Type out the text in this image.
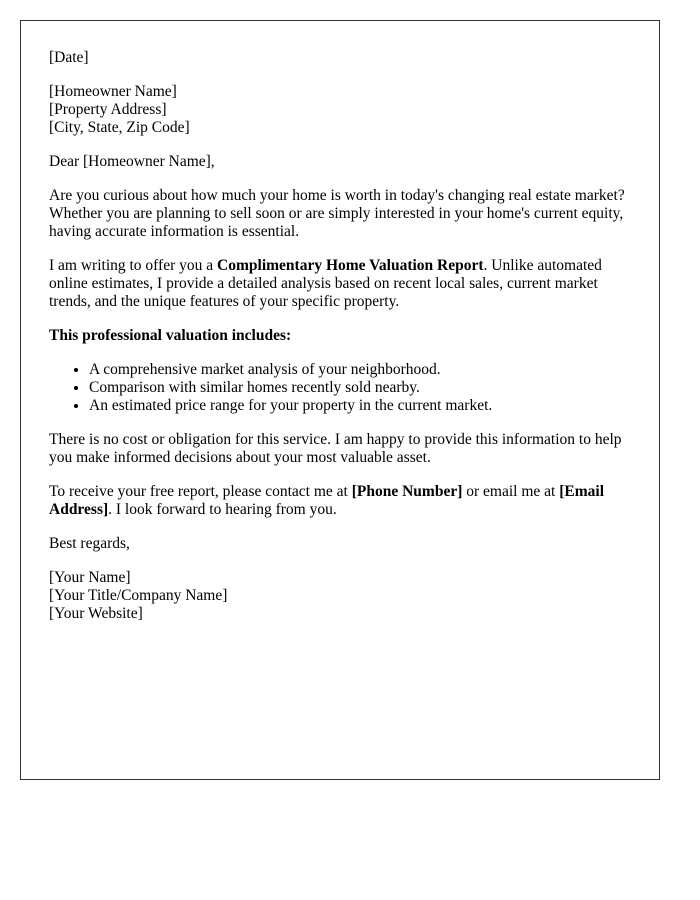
[Date]
[Homeowner Name]
[Property Address]
[City, State, Zip Code]

Dear [Homeowner Name],

Are you curious about how much your home is worth in today's changing real estate market? Whether you are planning to sell soon or are simply interested in your home's current equity, having accurate information is essential.

I am writing to offer you a Complimentary Home Valuation Report. Unlike automated online estimates, I provide a detailed analysis based on recent local sales, current market trends, and the unique features of your specific property.

This professional valuation includes:

• A comprehensive market analysis of your neighborhood.
• Comparison with similar homes recently sold nearby.
• An estimated price range for your property in the current market.

There is no cost or obligation for this service. I am happy to provide this information to help you make informed decisions about your most valuable asset.

To receive your free report, please contact me at [Phone Number] or email me at [Email Address]. I look forward to hearing from you.

Best regards,

[Your Name]
[Your Title/Company Name]
[Your Website]
